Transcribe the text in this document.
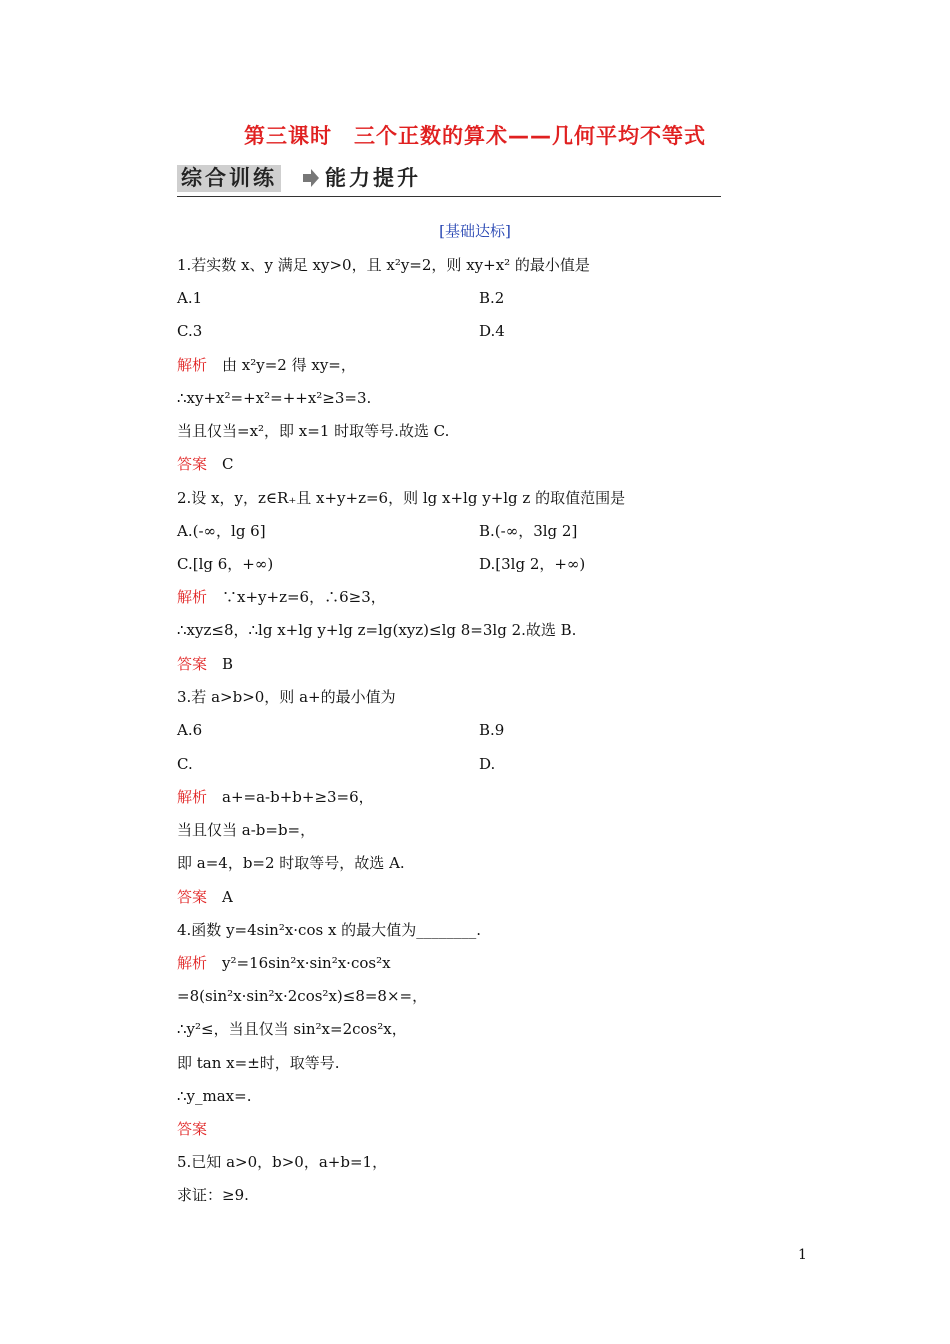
第三课时　三个正数的算术——几何平均不等式
综合训练 能力提升
[基础达标]
1.若实数 x、y 满足 xy>0，且 x²y=2，则 xy+x² 的最小值是
A.1	B.2
C.3	D.4
解析　由 x²y=2 得 xy=，
∴xy+x²=+x²=++x²≥3=3.
当且仅当=x²，即 x=1 时取等号.故选 C.
答案　C
2.设 x，y，z∈R₊且 x+y+z=6，则 lg x+lg y+lg z 的取值范围是
A.(-∞，lg 6]	B.(-∞，3lg 2]
C.[lg 6，+∞)	D.[3lg 2，+∞)
解析　∵x+y+z=6，∴6≥3，
∴xyz≤8，∴lg x+lg y+lg z=lg(xyz)≤lg 8=3lg 2.故选 B.
答案　B
3.若 a>b>0，则 a+的最小值为
A.6	B.9
C.	D.
解析　a+=a-b+b+≥3=6，
当且仅当 a-b=b=，
即 a=4，b=2 时取等号，故选 A.
答案　A
4.函数 y=4sin²x·cos x 的最大值为________.
解析　y²=16sin²x·sin²x·cos²x
=8(sin²x·sin²x·2cos²x)≤8=8×=，
∴y²≤，当且仅当 sin²x=2cos²x，
即 tan x=±时，取等号.
∴y_max=.
答案
5.已知 a>0，b>0，a+b=1，
求证：≥9.
1
